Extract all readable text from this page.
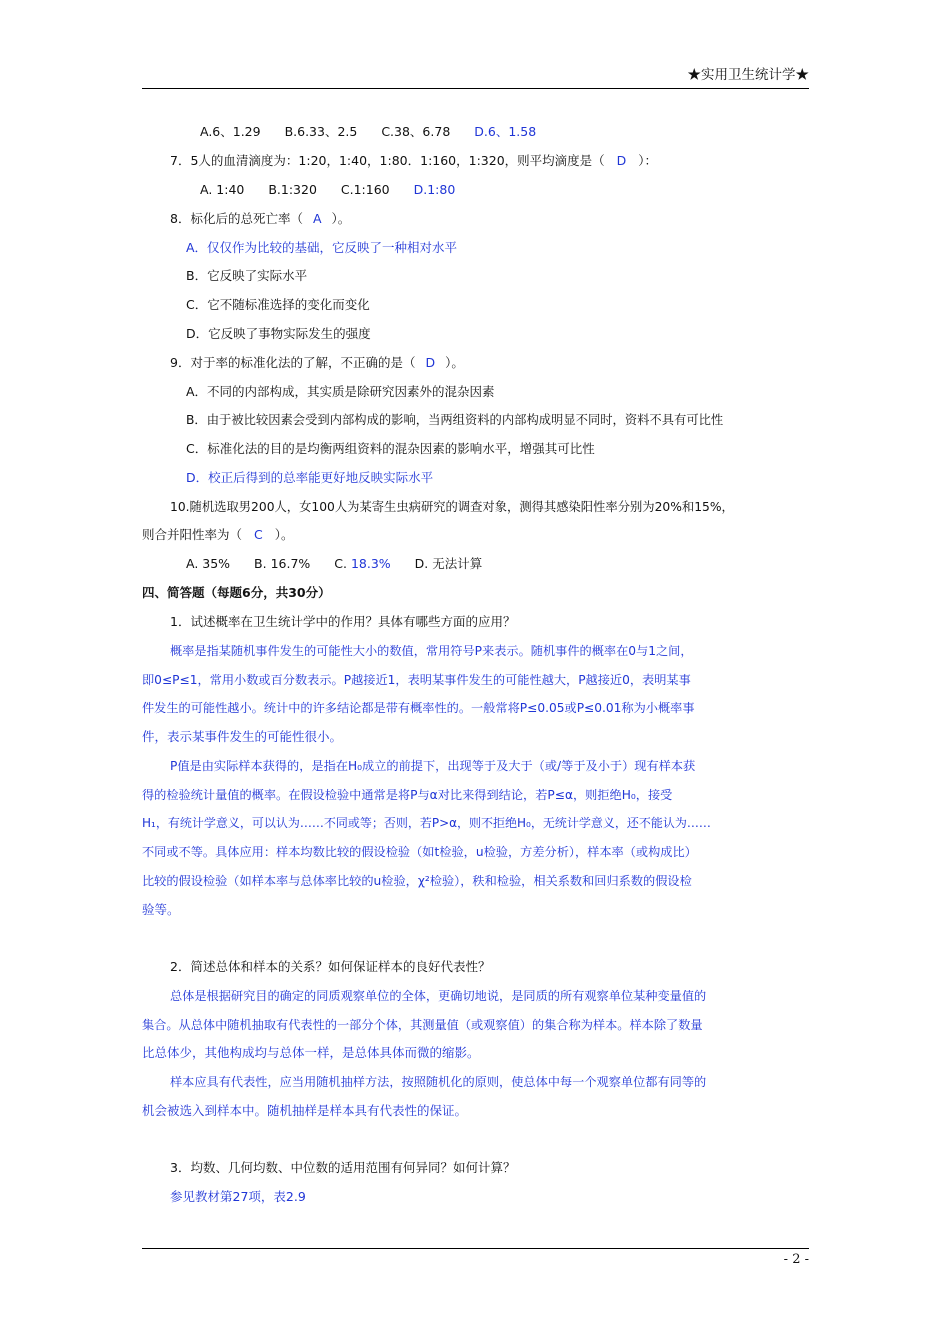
★实用卫生统计学★
A.6、1.29 B.6.33、2.5 C.38、6.78 D.6、1.58
7．5人的血清滴度为：1:20，1:40，1:80．1:160，1:320，则平均滴度是（ D ）：
A. 1:40 B.1:320 C.1:160 D.1:80
8．标化后的总死亡率（ A ）。
A．仅仅作为比较的基础，它反映了一种相对水平
B．它反映了实际水平
C．它不随标准选择的变化而变化
D．它反映了事物实际发生的强度
9．对于率的标准化法的了解，不正确的是（ D ）。
A．不同的内部构成，其实质是除研究因素外的混杂因素
B．由于被比较因素会受到内部构成的影响，当两组资料的内部构成明显不同时，资料不具有可比性
C．标准化法的目的是均衡两组资料的混杂因素的影响水平，增强其可比性
D．校正后得到的总率能更好地反映实际水平
10.随机选取男200人，女100人为某寄生虫病研究的调查对象，测得其感染阳性率分别为20%和15%，
则合并阳性率为（ C ）。
A. 35% B. 16.7% C. 18.3% D. 无法计算
四、简答题（每题6分，共30分）
1．试述概率在卫生统计学中的作用？具体有哪些方面的应用？
概率是指某随机事件发生的可能性大小的数值，常用符号P来表示。随机事件的概率在0与1之间，
即0≤P≤1，常用小数或百分数表示。P越接近1，表明某事件发生的可能性越大，P越接近0，表明某事
件发生的可能性越小。统计中的许多结论都是带有概率性的。一般常将P≤0.05或P≤0.01称为小概率事
件，表示某事件发生的可能性很小。
P值是由实际样本获得的，是指在H₀成立的前提下，出现等于及大于（或/等于及小于）现有样本获
得的检验统计量值的概率。在假设检验中通常是将P与α对比来得到结论，若P≤α，则拒绝H₀，接受
H₁，有统计学意义，可以认为……不同或等；否则，若P>α，则不拒绝H₀，无统计学意义，还不能认为……
不同或不等。具体应用：样本均数比较的假设检验（如t检验，u检验，方差分析），样本率（或构成比）
比较的假设检验（如样本率与总体率比较的u检验，χ²检验），秩和检验，相关系数和回归系数的假设检
验等。
2．简述总体和样本的关系？如何保证样本的良好代表性？
总体是根据研究目的确定的同质观察单位的全体，更确切地说，是同质的所有观察单位某种变量值的
集合。从总体中随机抽取有代表性的一部分个体，其测量值（或观察值）的集合称为样本。样本除了数量
比总体少，其他构成均与总体一样，是总体具体而微的缩影。
样本应具有代表性，应当用随机抽样方法，按照随机化的原则，使总体中每一个观察单位都有同等的
机会被选入到样本中。随机抽样是样本具有代表性的保证。
3．均数、几何均数、中位数的适用范围有何异同？如何计算？
参见教材第27项，表2.9
- 2 -
